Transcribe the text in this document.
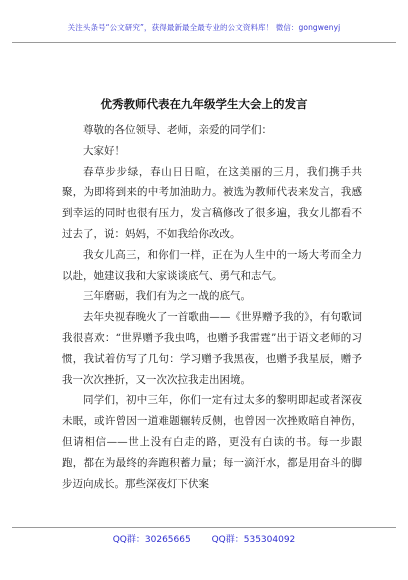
关注头条号“公文研究”，获得最新最全最专业的公文资料库！ 微信：gongwenyj
优秀教师代表在九年级学生大会上的发言

尊敬的各位领导、老师，亲爱的同学们：

大家好！

春草步步绿，春山日日暄，在这美丽的三月，我们携手共聚，为即将到来的中考加油助力。被选为教师代表来发言，我感到幸运的同时也很有压力，发言稿修改了很多遍，我女儿都看不过去了，说：妈妈，不如我给你改改。

我女儿高三，和你们一样，正在为人生中的一场大考而全力以赴，她建议我和大家谈谈底气、勇气和志气。

三年磨砺，我们有为之一战的底气。

去年央视春晚火了一首歌曲——《世界赠予我的》，有句歌词我很喜欢：“世界赠予我虫鸣，也赠予我雷霆”出于语文老师的习惯，我试着仿写了几句：学习赠予我黑夜，也赠予我星辰，赠予我一次次挫折，又一次次拉我走出困境。

同学们，初中三年，你们一定有过太多的黎明即起或者深夜未眠，或许曾因一道难题辗转反侧，也曾因一次挫败暗自神伤，但请相信——世上没有白走的路，更没有白读的书。每一步跟跑，都在为最终的奔跑积蓄力量；每一滴汗水，都是用奋斗的脚步迈向成长。那些深夜灯下伏案

QQ群：30265665 QQ群：535304092
